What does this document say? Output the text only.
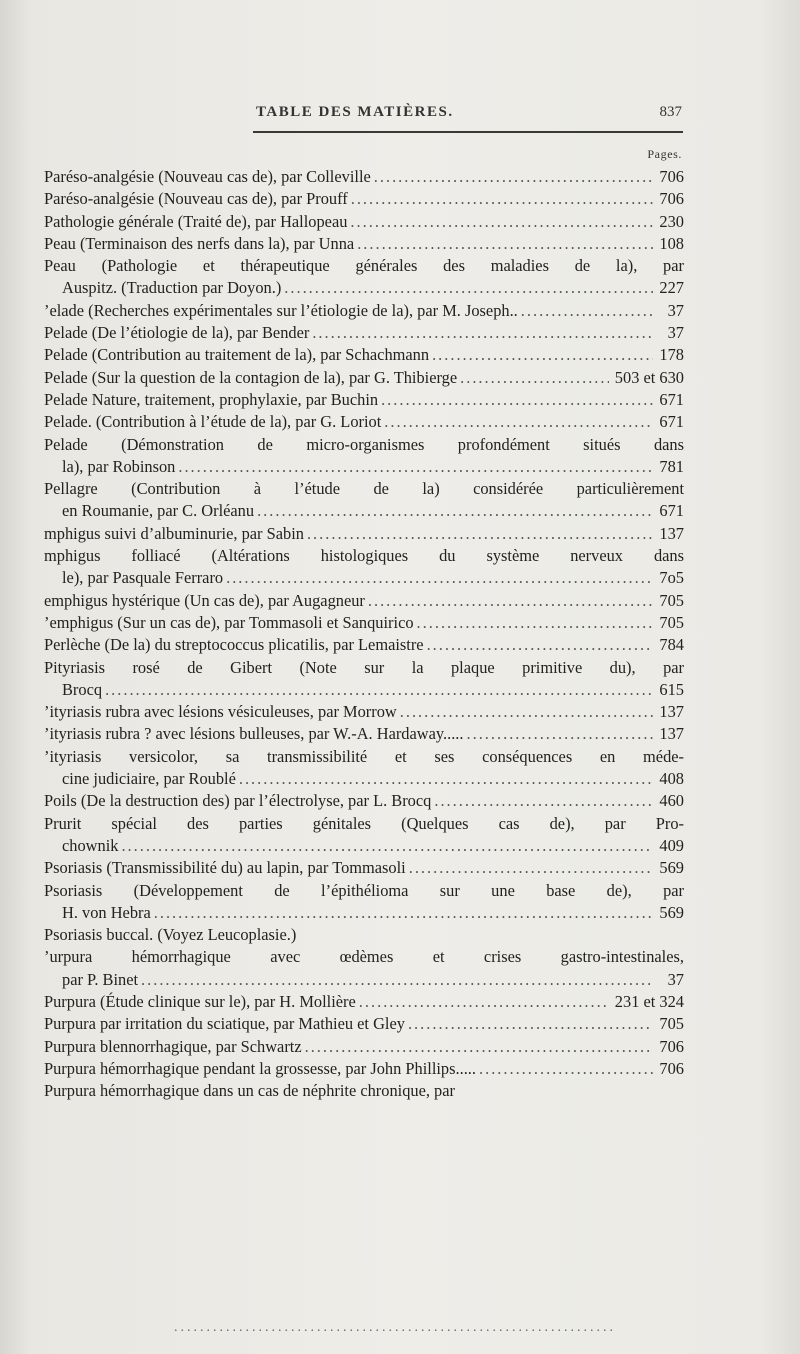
TABLE DES MATIÈRES.	837
Pages.
Paréso-analgésie (Nouveau cas de), par Colleville .....	706
Paréso-analgésie (Nouveau cas de), par Prouff .....	706
Pathologie générale (Traité de), par Hallopeau .....	230
Peau (Terminaison des nerfs dans la), par Unna .....	108
Peau (Pathologie et thérapeutique générales des maladies de la), par
Auspitz. (Traduction par Doyon.) .....	227
’elade (Recherches expérimentales sur l’étiologie de la), par M. Joseph.. .....	37
Pelade (De l’étiologie de la), par Bender .....	37
Pelade (Contribution au traitement de la), par Schachmann .....	178
Pelade (Sur la question de la contagion de la), par G. Thibierge .....	503 et 630
Pelade Nature, traitement, prophylaxie, par Buchin .....	671
Pelade. (Contribution à l’étude de la), par G. Loriot .....	671
Pelade (Démonstration de micro-organismes profondément situés dans
la), par Robinson .....	781
Pellagre (Contribution à l’étude de la) considérée particulièrement
en Roumanie, par C. Orléanu .....	671
mphigus suivi d’albuminurie, par Sabin .....	137
mphigus folliacé (Altérations histologiques du système nerveux dans
le), par Pasquale Ferraro .....	7o5
emphigus hystérique (Un cas de), par Augagneur .....	705
’emphigus (Sur un cas de), par Tommasoli et Sanquirico .....	705
Perlèche (De la) du streptococcus plicatilis, par Lemaistre .....	784
Pityriasis rosé de Gibert (Note sur la plaque primitive du), par
Brocq .....	615
’ityriasis rubra avec lésions vésiculeuses, par Morrow .....	137
’ityriasis rubra ? avec lésions bulleuses, par W.-A. Hardaway..... .....	137
’ityriasis versicolor, sa transmissibilité et ses conséquences en méde-
cine judiciaire, par Roublé .....	408
Poils (De la destruction des) par l’électrolyse, par L. Brocq .....	460
Prurit spécial des parties génitales (Quelques cas de), par Pro-
chownik .....	409
Psoriasis (Transmissibilité du) au lapin, par Tommasoli .....	569
Psoriasis (Développement de l’épithélioma sur une base de), par
H. von Hebra .....	569
Psoriasis buccal. (Voyez Leucoplasie.)
’urpura hémorrhagique avec œdèmes et crises gastro-intestinales,
par P. Binet .....	37
Purpura (Étude clinique sur le), par H. Mollière .....	231 et 324
Purpura par irritation du sciatique, par Mathieu et Gley .....	705
Purpura blennorrhagique, par Schwartz .....	706
Purpura hémorrhagique pendant la grossesse, par John Phillips..... .....	706
Purpura hémorrhagique dans un cas de néphrite chronique, par
.....
